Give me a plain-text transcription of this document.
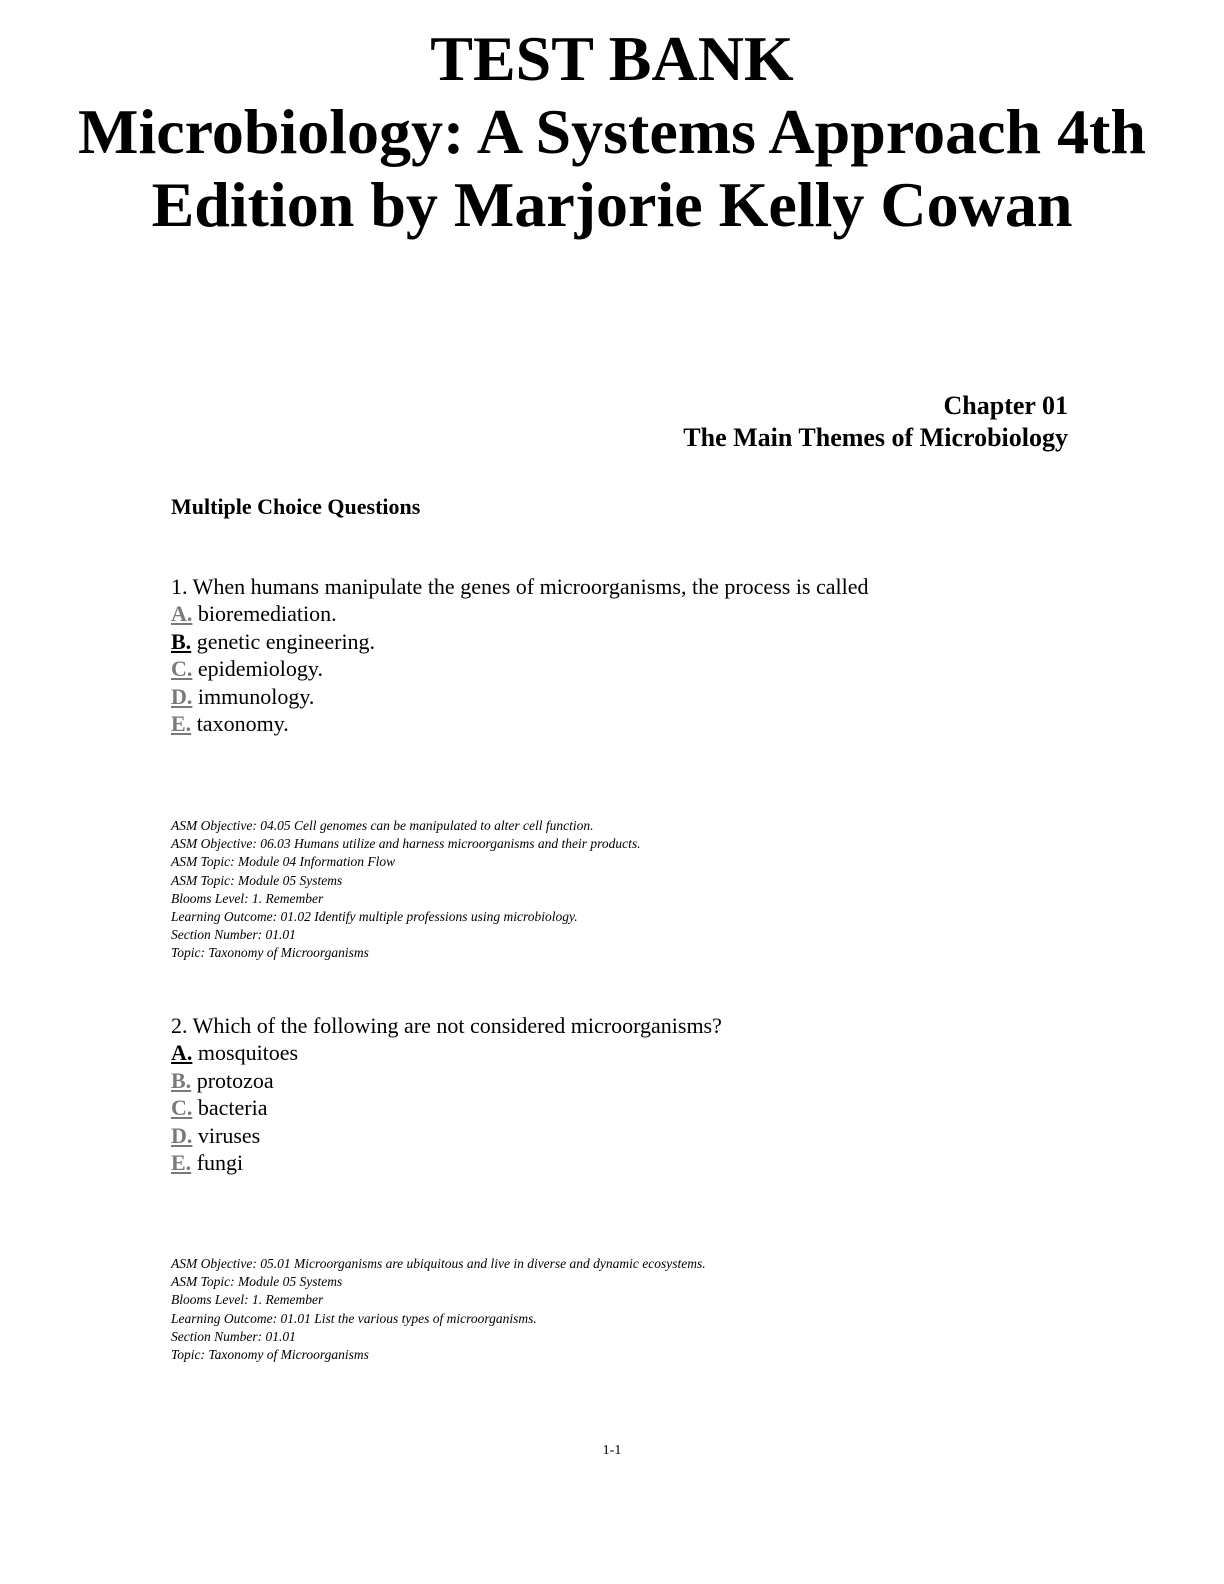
TEST BANK
Microbiology: A Systems Approach 4th
Edition by Marjorie Kelly Cowan
Chapter 01
The Main Themes of Microbiology
Multiple Choice Questions
1. When humans manipulate the genes of microorganisms, the process is called
A. bioremediation.
B. genetic engineering.
C. epidemiology.
D. immunology.
E. taxonomy.
ASM Objective: 04.05 Cell genomes can be manipulated to alter cell function.
ASM Objective: 06.03 Humans utilize and harness microorganisms and their products.
ASM Topic: Module 04 Information Flow
ASM Topic: Module 05 Systems
Blooms Level: 1. Remember
Learning Outcome: 01.02 Identify multiple professions using microbiology.
Section Number: 01.01
Topic: Taxonomy of Microorganisms
2. Which of the following are not considered microorganisms?
A. mosquitoes
B. protozoa
C. bacteria
D. viruses
E. fungi
ASM Objective: 05.01 Microorganisms are ubiquitous and live in diverse and dynamic ecosystems.
ASM Topic: Module 05 Systems
Blooms Level: 1. Remember
Learning Outcome: 01.01 List the various types of microorganisms.
Section Number: 01.01
Topic: Taxonomy of Microorganisms
1-1
